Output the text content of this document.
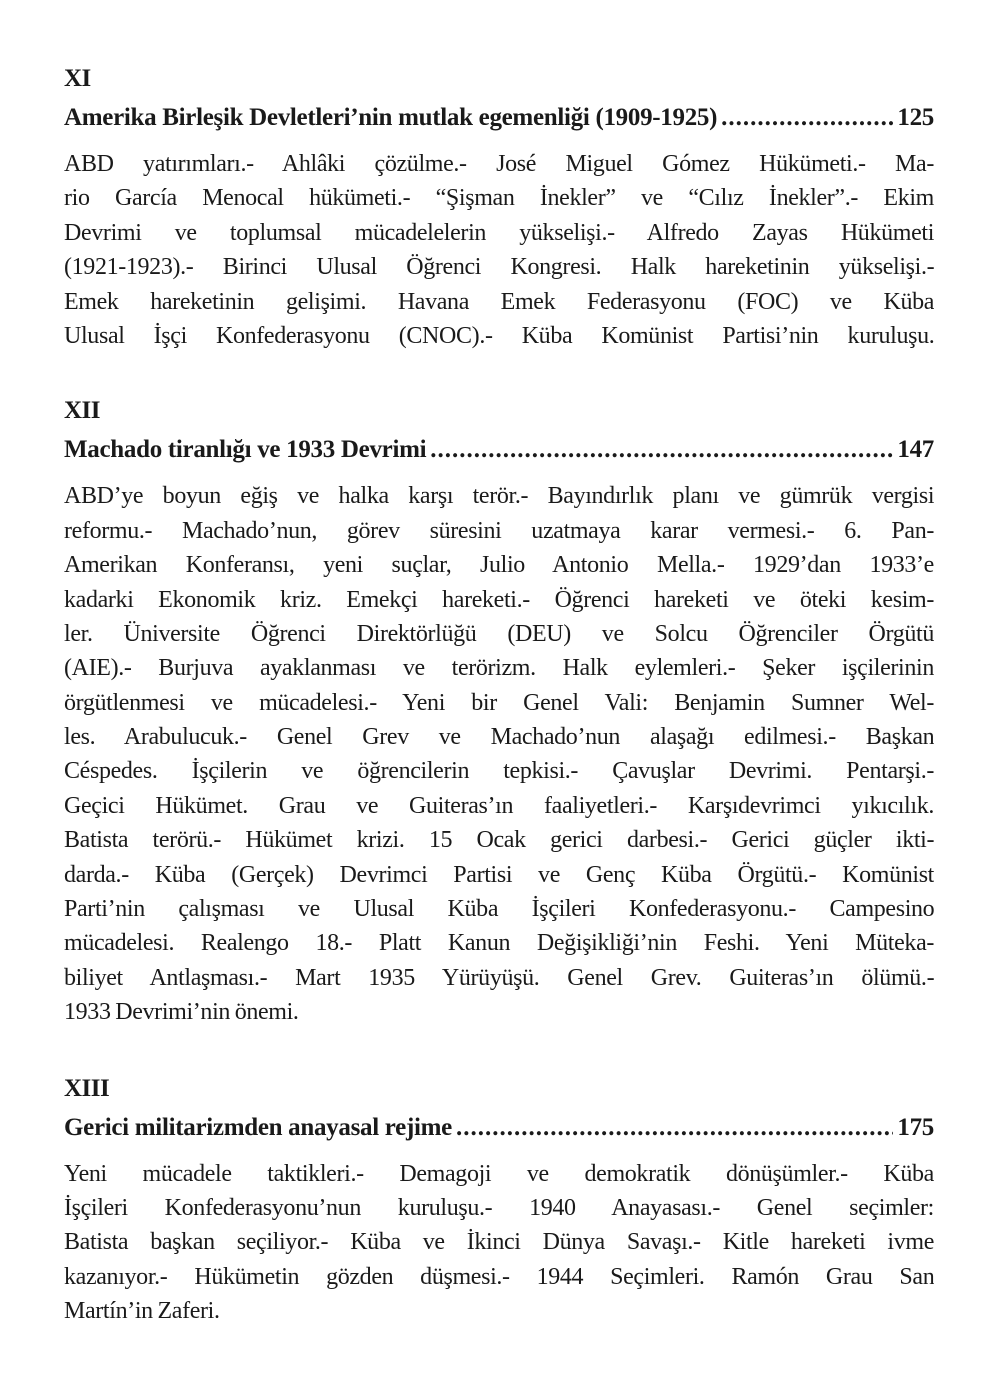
XI
Amerika Birleşik Devletleri’nin mutlak egemenliği (1909-1925) .....	125
ABD yatırımları.- Ahlâki çözülme.- José Miguel Gómez Hükümeti.- Ma-
rio García Menocal hükümeti.- “Şişman İnekler” ve “Cılız İnekler”.- Ekim
Devrimi ve toplumsal mücadelelerin yükselişi.- Alfredo Zayas Hükümeti
(1921-1923).- Birinci Ulusal Öğrenci Kongresi. Halk hareketinin yükselişi.-
Emek hareketinin gelişimi. Havana Emek Federasyonu (FOC) ve Küba
Ulusal İşçi Konfederasyonu (CNOC).- Küba Komünist Partisi’nin kuruluşu.
XII
Machado tiranlığı ve 1933 Devrimi .....	147
ABD’ye boyun eğiş ve halka karşı terör.- Bayındırlık planı ve gümrük vergisi
reformu.- Machado’nun, görev süresini uzatmaya karar vermesi.- 6. Pan-
Amerikan Konferansı, yeni suçlar, Julio Antonio Mella.- 1929’dan 1933’e
kadarki Ekonomik kriz. Emekçi hareketi.- Öğrenci hareketi ve öteki kesim-
ler. Üniversite Öğrenci Direktörlüğü (DEU) ve Solcu Öğrenciler Örgütü
(AIE).- Burjuva ayaklanması ve terörizm. Halk eylemleri.- Şeker işçilerinin
örgütlenmesi ve mücadelesi.- Yeni bir Genel Vali: Benjamin Sumner Wel-
les. Arabulucuk.- Genel Grev ve Machado’nun alaşağı edilmesi.- Başkan
Céspedes. İşçilerin ve öğrencilerin tepkisi.- Çavuşlar Devrimi. Pentarşi.-
Geçici Hükümet. Grau ve Guiteras’ın faaliyetleri.- Karşıdevrimci yıkıcılık.
Batista terörü.- Hükümet krizi. 15 Ocak gerici darbesi.- Gerici güçler ikti-
darda.- Küba (Gerçek) Devrimci Partisi ve Genç Küba Örgütü.- Komünist
Parti’nin çalışması ve Ulusal Küba İşçileri Konfederasyonu.- Campesino
mücadelesi. Realengo 18.- Platt Kanun Değişikliği’nin Feshi. Yeni Müteka-
biliyet Antlaşması.- Mart 1935 Yürüyüşü. Genel Grev. Guiteras’ın ölümü.-
1933 Devrimi’nin önemi.
XIII
Gerici militarizmden anayasal rejime .....	175
Yeni mücadele taktikleri.- Demagoji ve demokratik dönüşümler.- Küba
İşçileri Konfederasyonu’nun kuruluşu.- 1940 Anayasası.- Genel seçimler:
Batista başkan seçiliyor.- Küba ve İkinci Dünya Savaşı.- Kitle hareketi ivme
kazanıyor.- Hükümetin gözden düşmesi.- 1944 Seçimleri. Ramón Grau San
Martín’in Zaferi.
